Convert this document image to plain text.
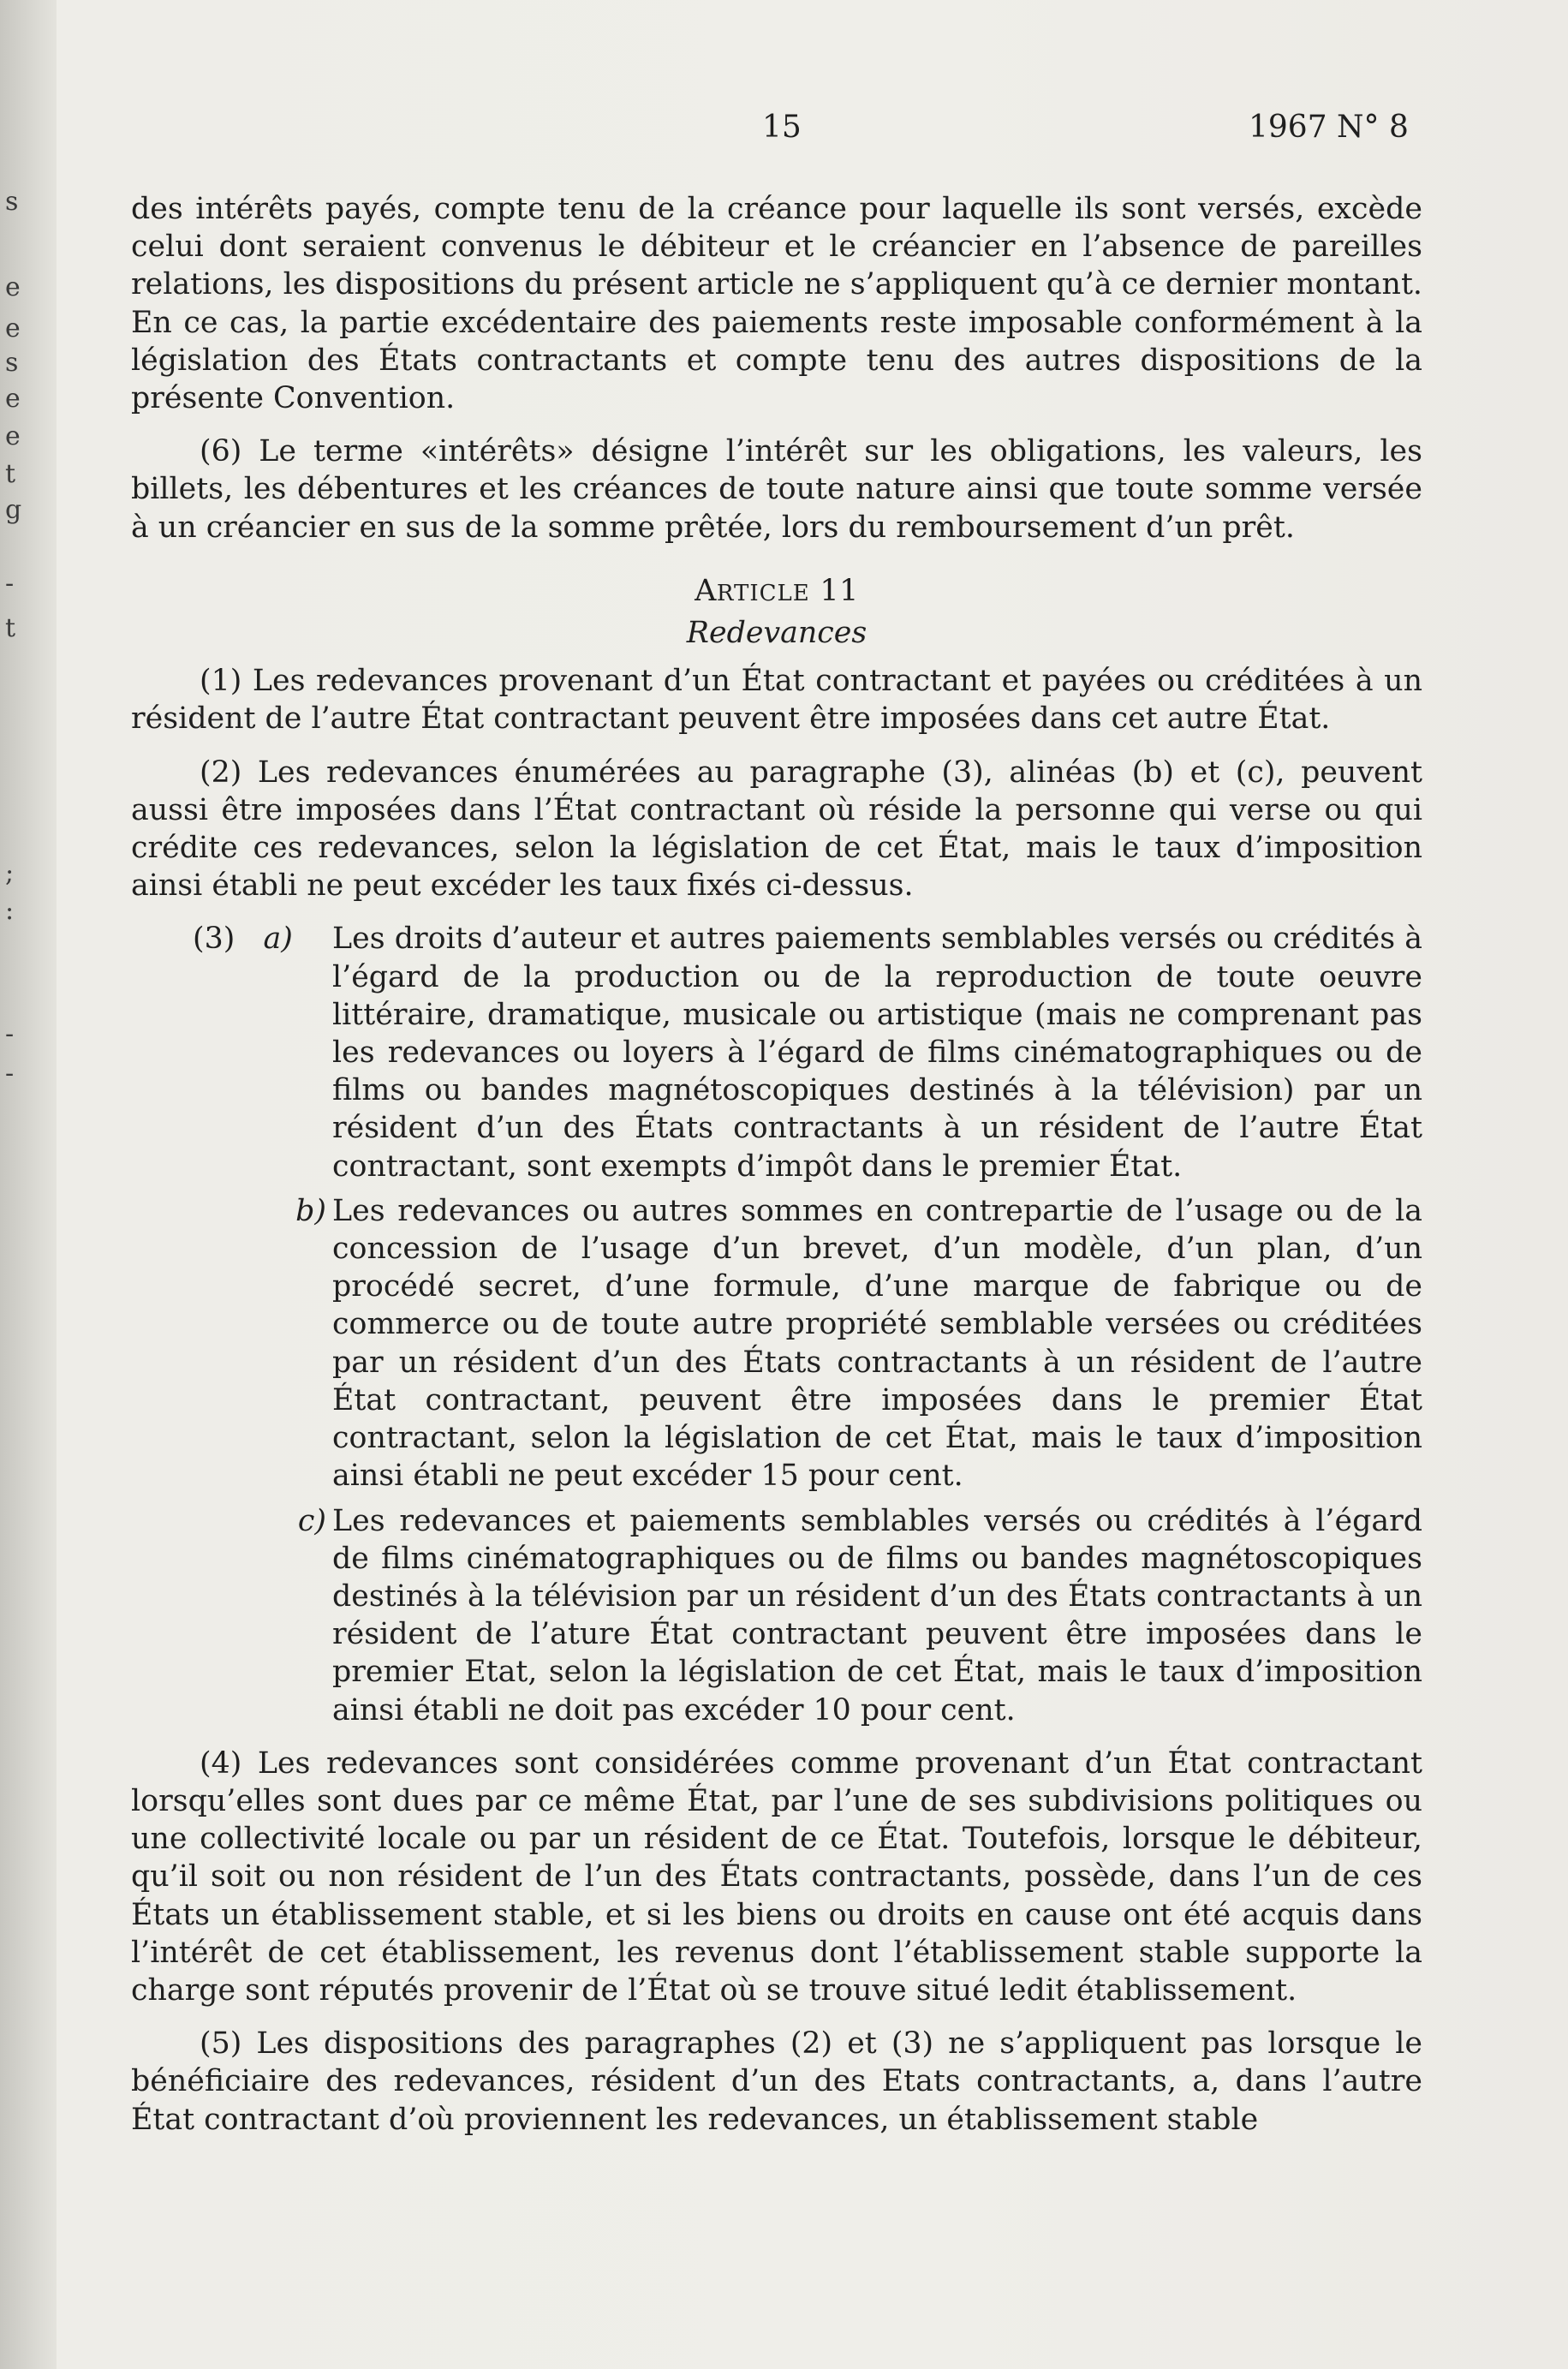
s
e
e
s
e
e
t
g
-
t
;
:
-
-
15	1967 N° 8

des intérêts payés, compte tenu de la créance pour laquelle ils sont versés, excède celui dont seraient convenus le débiteur et le créancier en l’absence de pareilles relations, les dispositions du présent article ne s’appliquent qu’à ce dernier montant. En ce cas, la partie excédentaire des paiements reste imposable conformément à la législation des États contractants et compte tenu des autres dispositions de la présente Convention.

(6) Le terme «intérêts» désigne l’intérêt sur les obligations, les valeurs, les billets, les débentures et les créances de toute nature ainsi que toute somme versée à un créancier en sus de la somme prêtée, lors du remboursement d’un prêt.

ARTICLE 11
Redevances

(1) Les redevances provenant d’un État contractant et payées ou créditées à un résident de l’autre État contractant peuvent être imposées dans cet autre État.

(2) Les redevances énumérées au paragraphe (3), alinéas (b) et (c), peuvent aussi être imposées dans l’État contractant où réside la personne qui verse ou qui crédite ces redevances, selon la législation de cet État, mais le taux d’imposition ainsi établi ne peut excéder les taux fixés ci-dessus.

(3) a)	Les droits d’auteur et autres paiements semblables versés ou crédités à l’égard de la production ou de la reproduction de toute oeuvre littéraire, dramatique, musicale ou artistique (mais ne comprenant pas les redevances ou loyers à l’égard de films cinématographiques ou de films ou bandes magnétoscopiques destinés à la télévision) par un résident d’un des États contractants à un résident de l’autre État contractant, sont exempts d’impôt dans le premier État.
b) Les redevances ou autres sommes en contrepartie de l’usage ou de la concession de l’usage d’un brevet, d’un modèle, d’un plan, d’un procédé secret, d’une formule, d’une marque de fabrique ou de commerce ou de toute autre propriété semblable versées ou créditées par un résident d’un des États contractants à un résident de l’autre État contractant, peuvent être imposées dans le premier État contractant, selon la législation de cet État, mais le taux d’imposition ainsi établi ne peut excéder 15 pour cent.
c) Les redevances et paiements semblables versés ou crédités à l’égard de films cinématographiques ou de films ou bandes magnétoscopiques destinés à la télévision par un résident d’un des États contractants à un résident de l’ature État contractant peuvent être imposées dans le premier Etat, selon la législation de cet État, mais le taux d’imposition ainsi établi ne doit pas excéder 10 pour cent.

(4) Les redevances sont considérées comme provenant d’un État contractant lorsqu’elles sont dues par ce même État, par l’une de ses subdivisions politiques ou une collectivité locale ou par un résident de ce État. Toutefois, lorsque le débiteur, qu’il soit ou non résident de l’un des États contractants, possède, dans l’un de ces États un établissement stable, et si les biens ou droits en cause ont été acquis dans l’intérêt de cet établissement, les revenus dont l’établissement stable supporte la charge sont réputés provenir de l’État où se trouve situé ledit établissement.

(5) Les dispositions des paragraphes (2) et (3) ne s’appliquent pas lorsque le bénéficiaire des redevances, résident d’un des Etats contractants, a, dans l’autre État contractant d’où proviennent les redevances, un établissement stable
